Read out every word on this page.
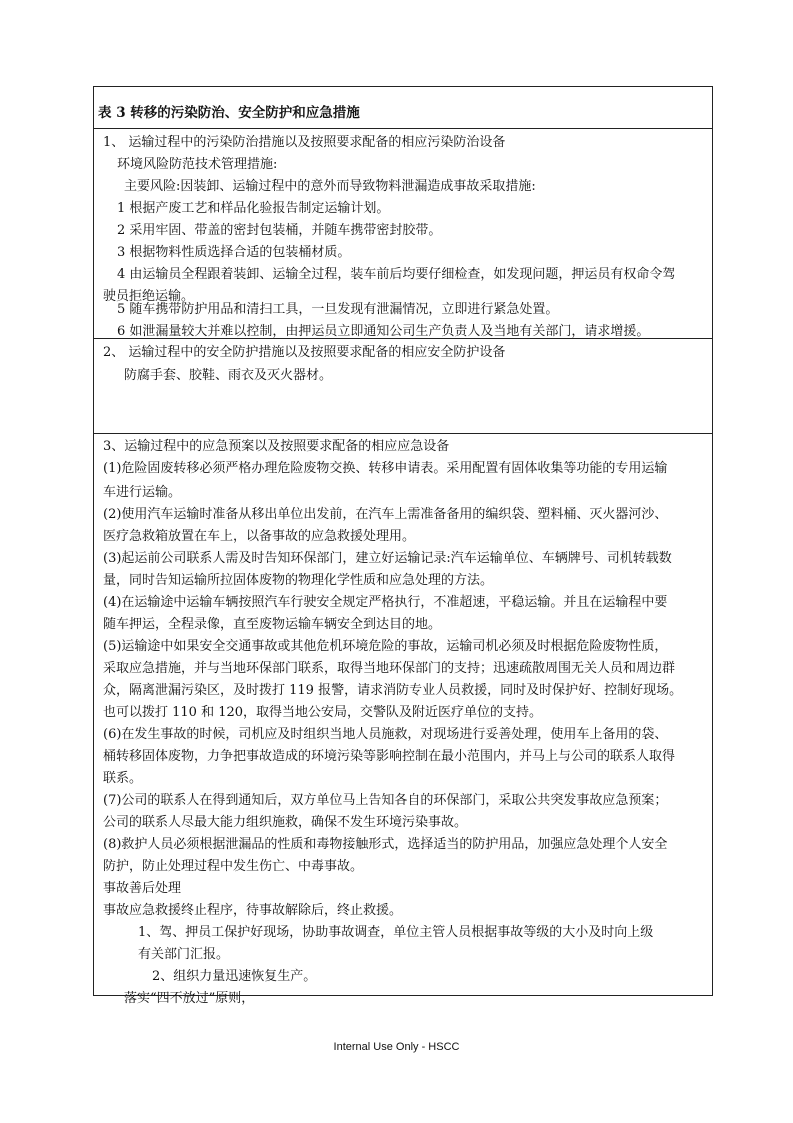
表 3 转移的污染防治、安全防护和应急措施
1、 运输过程中的污染防治措施以及按照要求配备的相应污染防治设备
环境风险防范技术管理措施:
主要风险:因装卸、运输过程中的意外而导致物料泄漏造成事故采取措施:
1 根据产废工艺和样品化验报告制定运输计划。
2 采用牢固、带盖的密封包装桶，并随车携带密封胶带。
3 根据物料性质选择合适的包装桶材质。
4 由运输员全程跟着装卸、运输全过程，装车前后均要仔细检查，如发现问题，押运员有权命令驾
驶员拒绝运输。
5 随车携带防护用品和清扫工具，一旦发现有泄漏情况，立即进行紧急处置。
6 如泄漏量较大并难以控制，由押运员立即通知公司生产负责人及当地有关部门，请求增援。
2、 运输过程中的安全防护措施以及按照要求配备的相应安全防护设备
防腐手套、胶鞋、雨衣及灭火器材。
3、运输过程中的应急预案以及按照要求配备的相应应急设备
(1)危险固废转移必须严格办理危险废物交换、转移申请表。采用配置有固体收集等功能的专用运输
车进行运输。
(2)使用汽车运输时准备从移出单位出发前，在汽车上需准备备用的编织袋、塑料桶、灭火器河沙、
医疗急救箱放置在车上，以备事故的应急救援处理用。
(3)起运前公司联系人需及时告知环保部门，建立好运输记录:汽车运输单位、车辆牌号、司机转载数
量，同时告知运输所拉固体废物的物理化学性质和应急处理的方法。
(4)在运输途中运输车辆按照汽车行驶安全规定严格执行，不准超速，平稳运输。并且在运输程中要
随车押运，全程录像，直至废物运输车辆安全到达目的地。
(5)运输途中如果安全交通事故或其他危机环境危险的事故，运输司机必须及时根据危险废物性质，
采取应急措施，并与当地环保部门联系，取得当地环保部门的支持；迅速疏散周围无关人员和周边群
众，隔离泄漏污染区，及时拨打 119 报警，请求消防专业人员救援，同时及时保护好、控制好现场。
也可以拨打 110 和 120，取得当地公安局，交警队及附近医疗单位的支持。
(6)在发生事故的时候，司机应及时组织当地人员施救，对现场进行妥善处理，使用车上备用的袋、
桶转移固体废物，力争把事故造成的环境污染等影响控制在最小范围内，并马上与公司的联系人取得
联系。
(7)公司的联系人在得到通知后，双方单位马上告知各自的环保部门，采取公共突发事故应急预案；
公司的联系人尽最大能力组织施救，确保不发生环境污染事故。
(8)救护人员必须根据泄漏品的性质和毒物接触形式，选择适当的防护用品，加强应急处理个人安全
防护，防止处理过程中发生伤亡、中毒事故。
事故善后处理
事故应急救援终止程序，待事故解除后，终止救援。
1、驾、押员工保护好现场，协助事故调查，单位主管人员根据事故等级的大小及时向上级
有关部门汇报。
2、组织力量迅速恢复生产。
落实“四不放过”原则，
Internal Use Only - HSCC
